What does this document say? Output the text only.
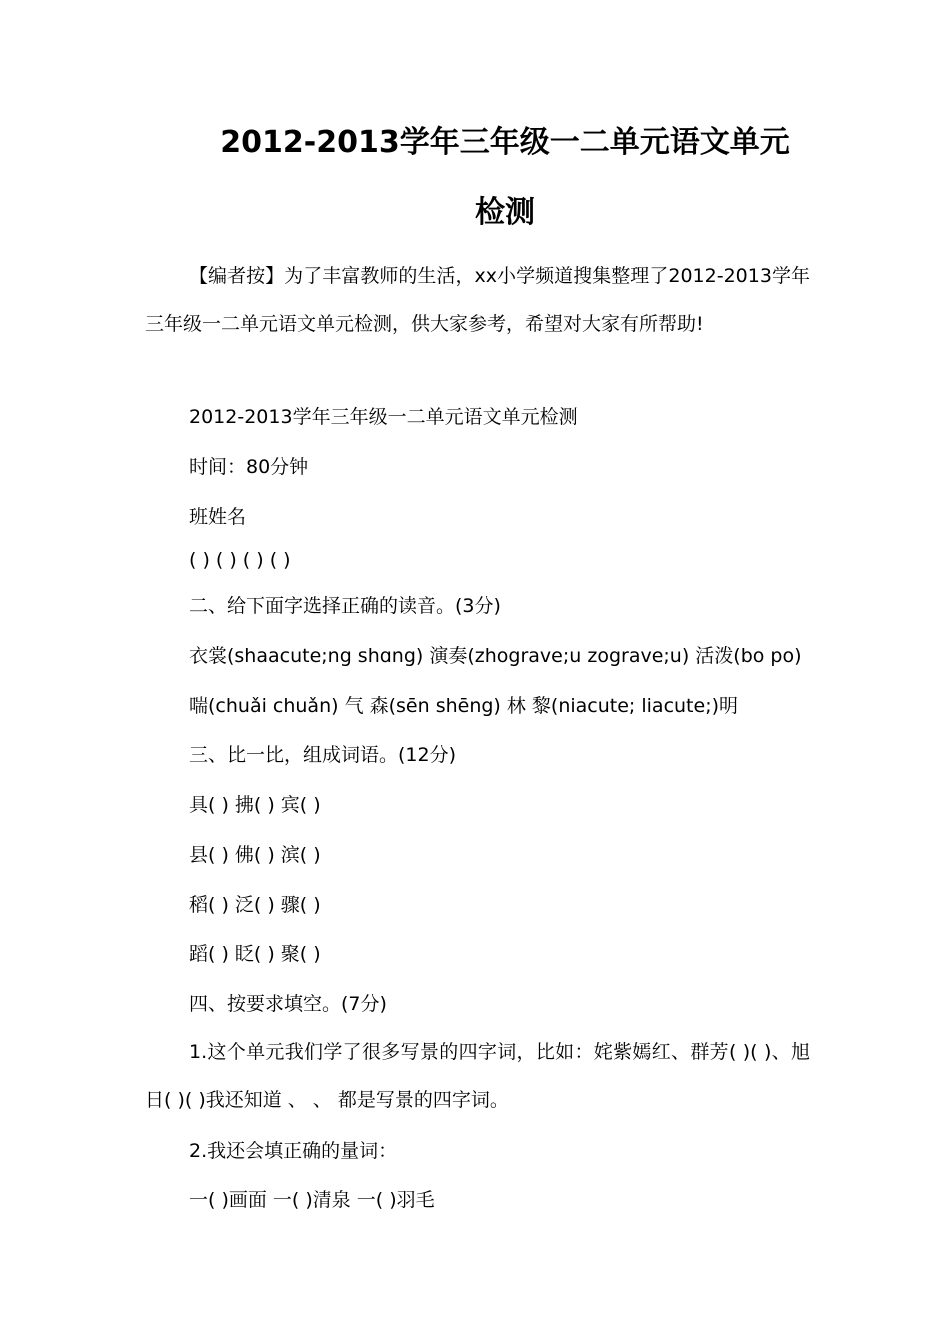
2012-2013学年三年级一二单元语文单元
检测

【编者按】为了丰富教师的生活，xx小学频道搜集整理了2012-2013学年三年级一二单元语文单元检测，供大家参考，希望对大家有所帮助!

2012-2013学年三年级一二单元语文单元检测

时间：80分钟

班姓名

( ) ( ) ( ) ( )

二、给下面字选择正确的读音。(3分)

衣裳(shaacute;ng shɑng) 演奏(zhograve;u zograve;u) 活泼(bo po)

喘(chuǎi chuǎn) 气 森(sēn shēng) 林 黎(niacute; liacute;)明

三、比一比，组成词语。(12分)

具( ) 拂( ) 宾( )

县( ) 佛( ) 滨( )

稻( ) 泛( ) 骤( )

蹈( ) 眨( ) 聚( )

四、按要求填空。(7分)

1.这个单元我们学了很多写景的四字词，比如：姹紫嫣红、群芳( )( )、旭日( )( )我还知道 、 、 都是写景的四字词。

2.我还会填正确的量词：

一( )画面 一( )清泉 一( )羽毛
